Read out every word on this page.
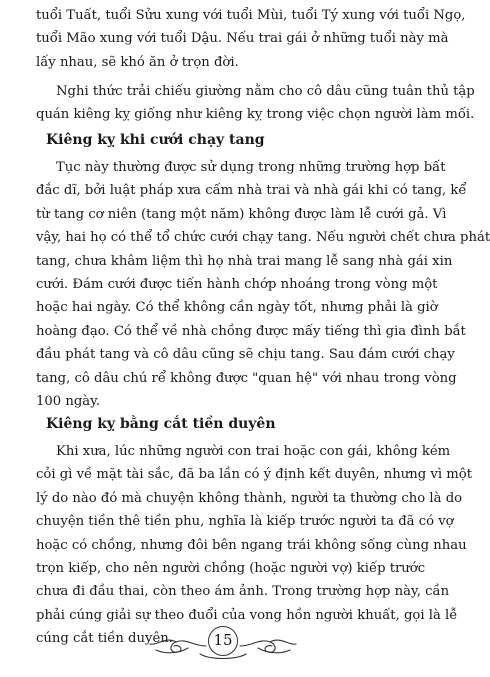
tuổi Tuất, tuổi Sửu xung với tuổi Mùi, tuổi Tý xung với tuổi Ngọ,
tuổi Mão xung với tuổi Dậu. Nếu trai gái ở những tuổi này mà
lấy nhau, sẽ khó ăn ở trọn đời.
Nghi thức trải chiếu giường nằm cho cô dâu cũng tuân thủ tập
quán kiêng kỵ giống như kiêng kỵ trong việc chọn người làm mối.
Kiêng kỵ khi cưới chạy tang
Tục này thường được sử dụng trong những trường hợp bất
đắc dĩ, bởi luật pháp xưa cấm nhà trai và nhà gái khi có tang, kể
từ tang cơ niên (tang một năm) không được làm lễ cưới gả. Vì
vậy, hai họ có thể tổ chức cưới chạy tang. Nếu người chết chưa phát
tang, chưa khâm liệm thì họ nhà trai mang lễ sang nhà gái xin
cưới. Đám cưới được tiến hành chớp nhoáng trong vòng một
hoặc hai ngày. Có thể không cần ngày tốt, nhưng phải là giờ
hoàng đạo. Có thể về nhà chồng được mấy tiếng thì gia đình bắt
đầu phát tang và cô dâu cũng sẽ chịu tang. Sau đám cưới chạy
tang, cô dâu chú rể không được "quan hệ" với nhau trong vòng
100 ngày.
Kiêng kỵ bằng cắt tiền duyên
Khi xưa, lúc những người con trai hoặc con gái, không kém
cỏi gì về mặt tài sắc, đã ba lần có ý định kết duyên, nhưng vì một
lý do nào đó mà chuyện không thành, người ta thường cho là do
chuyện tiền thê tiền phu, nghĩa là kiếp trước người ta đã có vợ
hoặc có chồng, nhưng đôi bên ngang trái không sống cùng nhau
trọn kiếp, cho nên người chồng (hoặc người vợ) kiếp trước
chưa đi đầu thai, còn theo ám ảnh. Trong trường hợp này, cần
phải cúng giải sự theo đuổi của vong hồn người khuất, gọi là lễ
cúng cắt tiền duyên.	15
